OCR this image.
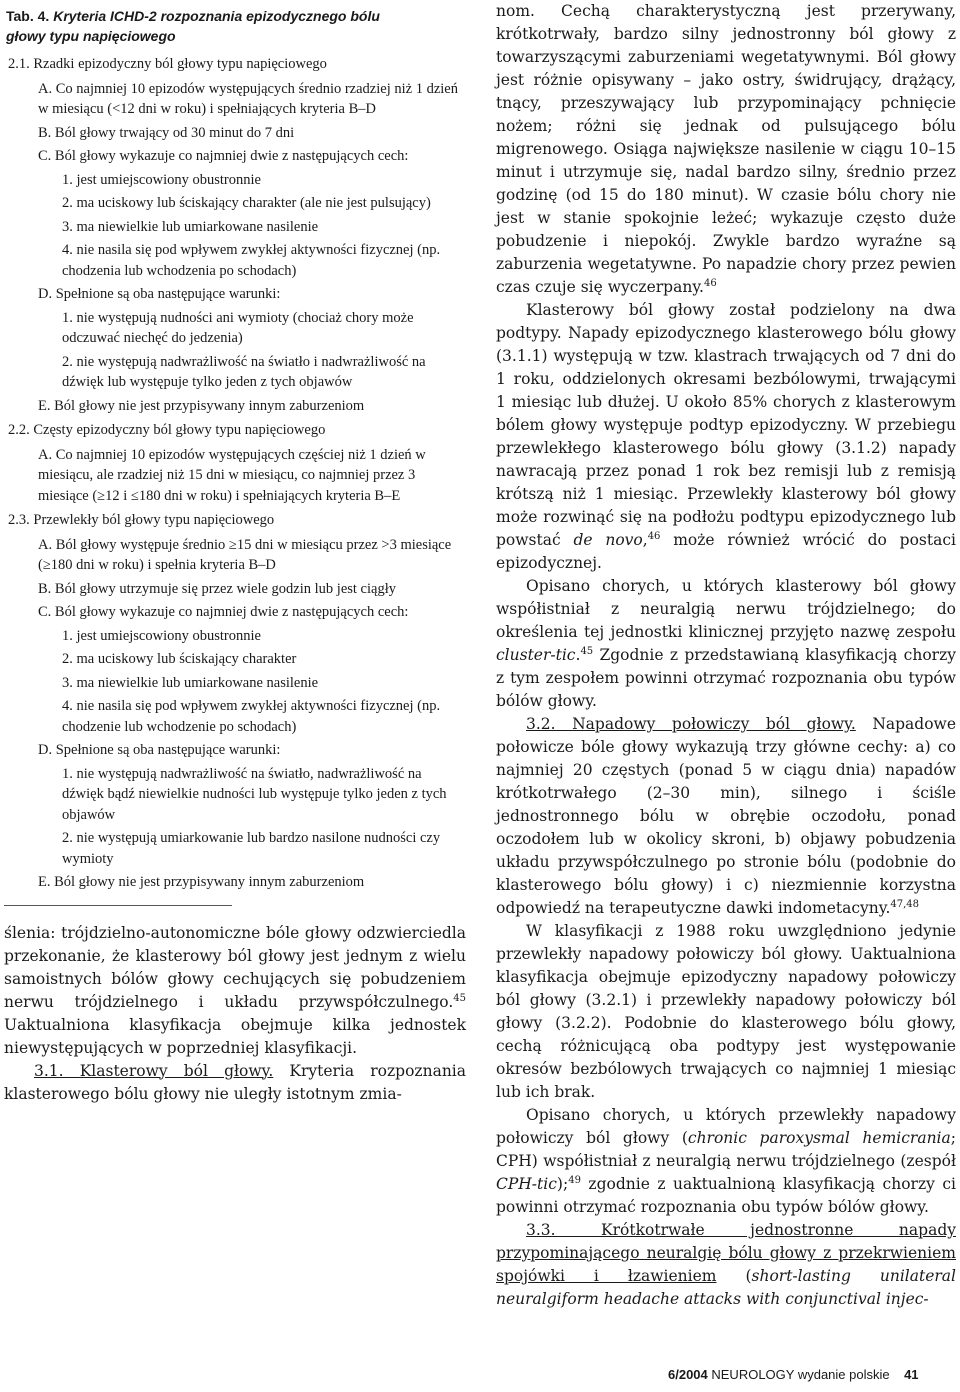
Tab. 4. Kryteria ICHD-2 rozpoznania epizodycznego bólu
głowy typu napięciowego
2.1. Rzadki epizodyczny ból głowy typu napięciowego
A. Co najmniej 10 epizodów występujących średnio rzadziej niż 1 dzień w miesiącu (<12 dni w roku) i spełniających kryteria B–D
B. Ból głowy trwający od 30 minut do 7 dni
C. Ból głowy wykazuje co najmniej dwie z następujących cech:
1. jest umiejscowiony obustronnie
2. ma uciskowy lub ściskający charakter (ale nie jest pulsujący)
3. ma niewielkie lub umiarkowane nasilenie
4. nie nasila się pod wpływem zwykłej aktywności fizycznej (np. chodzenia lub wchodzenia po schodach)
D. Spełnione są oba następujące warunki:
1. nie występują nudności ani wymioty (chociaż chory może odczuwać niechęć do jedzenia)
2. nie występują nadwrażliwość na światło i nadwrażliwość na dźwięk lub występuje tylko jeden z tych objawów
E. Ból głowy nie jest przypisywany innym zaburzeniom
2.2. Częsty epizodyczny ból głowy typu napięciowego
A. Co najmniej 10 epizodów występujących częściej niż 1 dzień w miesiącu, ale rzadziej niż 15 dni w miesiącu, co najmniej przez 3 miesiące (≥12 i ≤180 dni w roku) i spełniających kryteria B–E
2.3. Przewlekły ból głowy typu napięciowego
A. Ból głowy występuje średnio ≥15 dni w miesiącu przez >3 miesiące (≥180 dni w roku) i spełnia kryteria B–D
B. Ból głowy utrzymuje się przez wiele godzin lub jest ciągły
C. Ból głowy wykazuje co najmniej dwie z następujących cech:
1. jest umiejscowiony obustronnie
2. ma uciskowy lub ściskający charakter
3. ma niewielkie lub umiarkowane nasilenie
4. nie nasila się pod wpływem zwykłej aktywności fizycznej (np. chodzenie lub wchodzenie po schodach)
D. Spełnione są oba następujące warunki:
1. nie występują nadwrażliwość na światło, nadwrażliwość na dźwięk bądź niewielkie nudności lub występuje tylko jeden z tych objawów
2. nie występują umiarkowanie lub bardzo nasilone nudności czy wymioty
E. Ból głowy nie jest przypisywany innym zaburzeniom

ślenia: trójdzielno-autonomiczne bóle głowy odzwierciedla przekonanie, że klasterowy ból głowy jest jednym z wielu samoistnych bólów głowy cechujących się pobudzeniem nerwu trójdzielnego i układu przywspółczulnego.$^{45}$ Uaktualniona klasyfikacja obejmuje kilka jednostek niewystępujących w poprzedniej klasyfikacji.

3.1. Klasterowy ból głowy. Kryteria rozpoznania klasterowego bólu głowy nie uległy istotnym zmia-

nom. Cechą charakterystyczną jest przerywany, krótkotrwały, bardzo silny jednostronny ból głowy z towarzyszącymi zaburzeniami wegetatywnymi. Ból głowy jest różnie opisywany – jako ostry, świdrujący, drążący, tnący, przeszywający lub przypominający pchnięcie nożem; różni się jednak od pulsującego bólu migrenowego. Osiąga największe nasilenie w ciągu 10–15 minut i utrzymuje się, nadal bardzo silny, średnio przez godzinę (od 15 do 180 minut). W czasie bólu chory nie jest w stanie spokojnie leżeć; wykazuje często duże pobudzenie i niepokój. Zwykle bardzo wyraźne są zaburzenia wegetatywne. Po napadzie chory przez pewien czas czuje się wyczerpany.$^{46}$

Klasterowy ból głowy został podzielony na dwa podtypy. Napady epizodycznego klasterowego bólu głowy (3.1.1) występują w tzw. klastrach trwających od 7 dni do 1 roku, oddzielonych okresami bezbólowymi, trwającymi 1 miesiąc lub dłużej. U około 85% chorych z klasterowym bólem głowy występuje podtyp epizodyczny. W przebiegu przewlekłego klasterowego bólu głowy (3.1.2) napady nawracają przez ponad 1 rok bez remisji lub z remisją krótszą niż 1 miesiąc. Przewlekły klasterowy ból głowy może rozwinąć się na podłożu podtypu epizodycznego lub powstać de novo,$^{46}$ może również wrócić do postaci epizodycznej.

Opisano chorych, u których klasterowy ból głowy współistniał z neuralgią nerwu trójdzielnego; do określenia tej jednostki klinicznej przyjęto nazwę zespołu cluster-tic.$^{45}$ Zgodnie z przedstawianą klasyfikacją chorzy z tym zespołem powinni otrzymać rozpoznania obu typów bólów głowy.

3.2. Napadowy połowiczy ból głowy. Napadowe połowicze bóle głowy wykazują trzy główne cechy: a) co najmniej 20 częstych (ponad 5 w ciągu dnia) napadów krótkotrwałego (2–30 min), silnego i ściśle jednostronnego bólu w obrębie oczodołu, ponad oczodołem lub w okolicy skroni, b) objawy pobudzenia układu przywspółczulnego po stronie bólu (podobnie do klasterowego bólu głowy) i c) niezmiennie korzystna odpowiedź na terapeutyczne dawki indometacyny.$^{47,48}$

W klasyfikacji z 1988 roku uwzględniono jedynie przewlekły napadowy połowiczy ból głowy. Uaktualniona klasyfikacja obejmuje epizodyczny napadowy połowiczy ból głowy (3.2.1) i przewlekły napadowy połowiczy ból głowy (3.2.2). Podobnie do klasterowego bólu głowy, cechą różnicującą oba podtypy jest występowanie okresów bezbólowych trwających co najmniej 1 miesiąc lub ich brak.

Opisano chorych, u których przewlekły napadowy połowiczy ból głowy (chronic paroxysmal hemicrania; CPH) współistniał z neuralgią nerwu trójdzielnego (zespół CPH-tic);$^{49}$ zgodnie z uaktualnioną klasyfikacją chorzy ci powinni otrzymać rozpoznania obu typów bólów głowy.

3.3. Krótkotrwałe jednostronne napady przypominającego neuralgię bólu głowy z przekrwieniem spojówki i łzawieniem (short-lasting unilateral neuralgiform headache attacks with conjunctival injec-

6/2004 NEUROLOGY wydanie polskie 41
